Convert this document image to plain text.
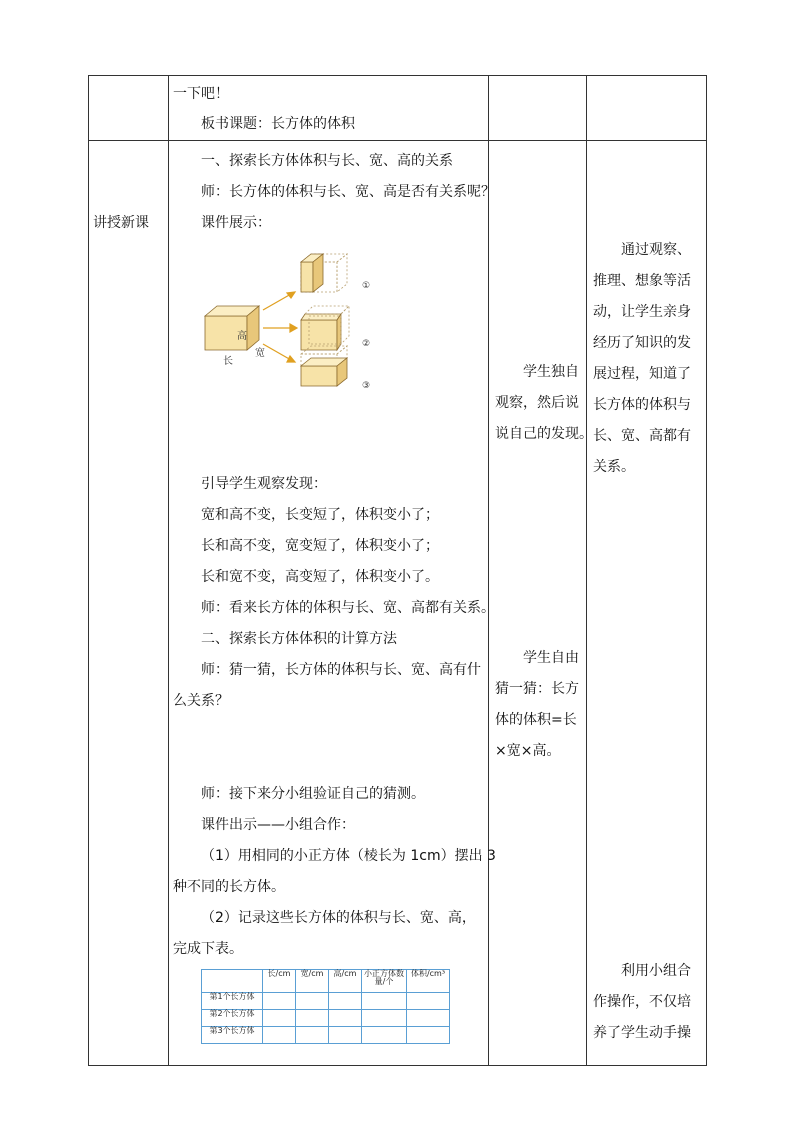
一下吧！
板书课题：长方体的体积

讲授新课

一、探索长方体体积与长、宽、高的关系
师：长方体的体积与长、宽、高是否有关系呢？
课件展示：
高
宽
长
①
②
③
引导学生观察发现：
宽和高不变，长变短了，体积变小了；
长和高不变，宽变短了，体积变小了；
长和宽不变，高变短了，体积变小了。
师：看来长方体的体积与长、宽、高都有关系。
二、探索长方体体积的计算方法
师：猜一猜，长方体的体积与长、宽、高有什
么关系？
师：接下来分小组验证自己的猜测。
课件出示——小组合作：
（1）用相同的小正方体（棱长为 1cm）摆出 3
种不同的长方体。
（2）记录这些长方体的体积与长、宽、高，
完成下表。
	长/cm	宽/cm	高/cm	小正方体数量/个	体积/cm³
第1个长方体					
第2个长方体					
第3个长方体					

学生独自
观察，然后说
说自己的发现。
学生自由
猜一猜：长方
体的体积=长
×宽×高。

通过观察、
推理、想象等活
动，让学生亲身
经历了知识的发
展过程，知道了
长方体的体积与
长、宽、高都有
关系。
利用小组合
作操作，不仅培
养了学生动手操
